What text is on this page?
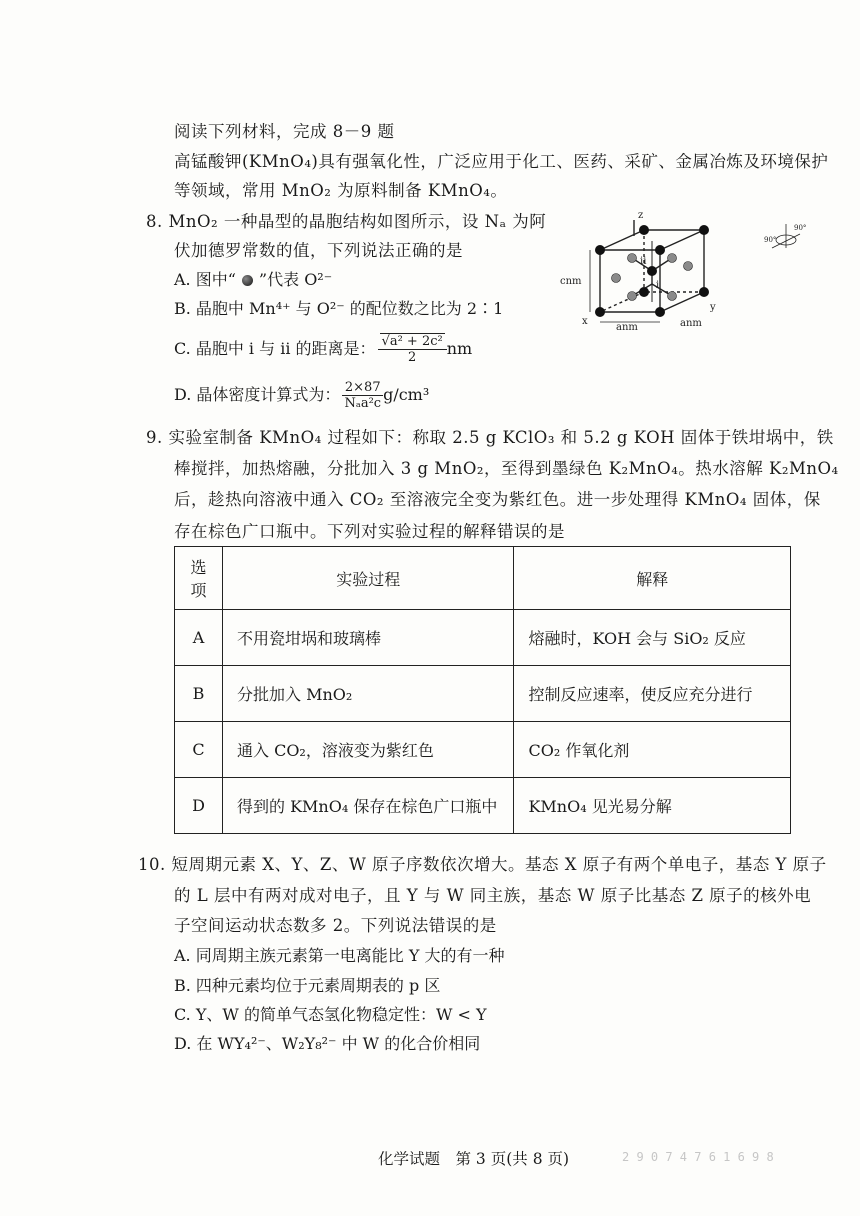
阅读下列材料，完成 8－9 题
高锰酸钾(KMnO₄)具有强氧化性，广泛应用于化工、医药、采矿、金属冶炼及环境保护
等领域，常用 MnO₂ 为原料制备 KMnO₄。
8. MnO₂ 一种晶型的晶胞结构如图所示，设 Nₐ 为阿
伏加德罗常数的值，下列说法正确的是
A. 图中“ ”代表 O²⁻
B. 晶胞中 Mn⁴⁺ 与 O²⁻ 的配位数之比为 2∶1
C. 晶胞中 i 与 ii 的距离是： $\frac{\text{√a² + 2c²}}{2}$ nm
D. 晶体密度计算式为： $\frac{2\times 87}{\text{Nₐa²c}} g/cm^3$
z
x
y
cnm
anm	anm
i
ii
90°
90°
9. 实验室制备 KMnO₄ 过程如下：称取 2.5 g KClO₃ 和 5.2 g KOH 固体于铁坩埚中，铁
棒搅拌，加热熔融，分批加入 3 g MnO₂，至得到墨绿色 K₂MnO₄。热水溶解 K₂MnO₄
后，趁热向溶液中通入 CO₂ 至溶液完全变为紫红色。进一步处理得 KMnO₄ 固体，保
存在棕色广口瓶中。下列对实验过程的解释错误的是
选项	实验过程	解释
A	不用瓷坩埚和玻璃棒	熔融时，KOH 会与 SiO₂ 反应
B	分批加入 MnO₂	控制反应速率，使反应充分进行
C	通入 CO₂，溶液变为紫红色	CO₂ 作氧化剂
D	得到的 KMnO₄ 保存在棕色广口瓶中	KMnO₄ 见光易分解
10. 短周期元素 X、Y、Z、W 原子序数依次增大。基态 X 原子有两个单电子，基态 Y 原子
的 L 层中有两对成对电子，且 Y 与 W 同主族，基态 W 原子比基态 Z 原子的核外电
子空间运动状态数多 2。下列说法错误的是
A. 同周期主族元素第一电离能比 Y 大的有一种
B. 四种元素均位于元素周期表的 p 区
C. Y、W 的简单气态氢化物稳定性：W < Y
D. 在 WY₄²⁻、W₂Y₈²⁻ 中 W 的化合价相同
化学试题　第 3 页(共 8 页)	2 9 0 7 4 7 6 1 6 9 8
